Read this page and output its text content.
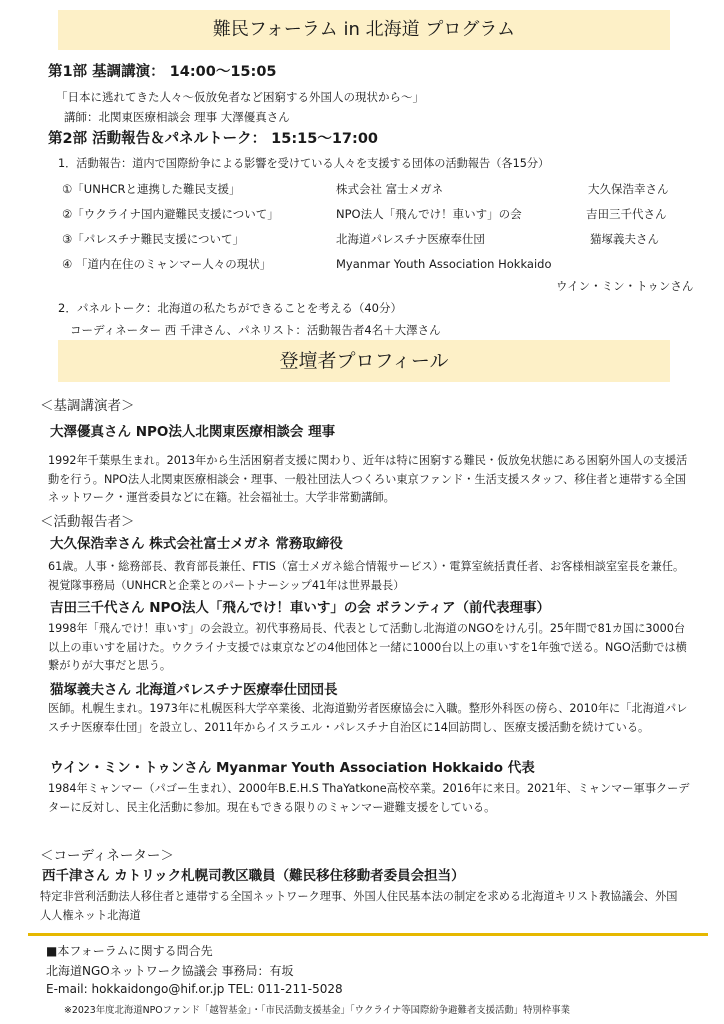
難民フォーラム in 北海道 プログラム
第1部 基調講演： 14:00〜15:05
「日本に逃れてきた人々〜仮放免者など困窮する外国人の現状から〜」
講師：北関東医療相談会 理事 大澤優真さん
第2部 活動報告＆パネルトーク： 15:15〜17:00
1．活動報告：道内で国際紛争による影響を受けている人々を支援する団体の活動報告（各15分）
①「UNHCRと連携した難民支援」	株式会社 富士メガネ	大久保浩幸さん
②「ウクライナ国内避難民支援について」	NPO法人「飛んでけ！車いす」の会	吉田三千代さん
③「パレスチナ難民支援について」	北海道パレスチナ医療奉仕団	猫塚義夫さん
④ 「道内在住のミャンマー人々の現状」	Myanmar Youth Association Hokkaido
ウイン・ミン・トゥンさん
2．パネルトーク：北海道の私たちができることを考える（40分）
コーディネーター 西 千津さん、パネリスト：活動報告者4名＋大澤さん
登壇者プロフィール
＜基調講演者＞
大澤優真さん NPO法人北関東医療相談会 理事
1992年千葉県生まれ。2013年から生活困窮者支援に関わり、近年は特に困窮する難民・仮放免状態にある困窮外国人の支援活動を行う。NPO法人北関東医療相談会・理事、一般社団法人つくろい東京ファンド・生活支援スタッフ、移住者と連帯する全国ネットワーク・運営委員などに在籍。社会福祉士。大学非常勤講師。
＜活動報告者＞
大久保浩幸さん 株式会社富士メガネ 常務取締役
61歳。人事・総務部長、教育部長兼任、FTIS（富士メガネ総合情報サービス）・電算室統括責任者、お客様相談室室長を兼任。視覚隊事務局（UNHCRと企業とのパートナーシップ41年は世界最長）
吉田三千代さん NPO法人「飛んでけ！車いす」の会 ボランティア（前代表理事）
1998年「飛んでけ！車いす」の会設立。初代事務局長、代表として活動し北海道のNGOをけん引。25年間で81カ国に3000台以上の車いすを届けた。ウクライナ支援では東京などの4他団体と一緒に1000台以上の車いすを1年強で送る。NGO活動では横繋がりが大事だと思う。
猫塚義夫さん 北海道パレスチナ医療奉仕団団長
医師。札幌生まれ。1973年に札幌医科大学卒業後、北海道勤労者医療協会に入職。整形外科医の傍ら、2010年に「北海道パレスチナ医療奉仕団」を設立し、2011年からイスラエル・パレスチナ自治区に14回訪問し、医療支援活動を続けている。
ウイン・ミン・トゥンさん Myanmar Youth Association Hokkaido 代表
1984年ミャンマー（パゴー生まれ）、2000年B.E.H.S ThaYatkone高校卒業。2016年に来日。2021年、ミャンマー軍事クーデターに反対し、民主化活動に参加。現在もできる限りのミャンマー避難支援をしている。
＜コーディネーター＞
西千津さん カトリック札幌司教区職員（難民移住移動者委員会担当）
特定非営利活動法人移住者と連帯する全国ネットワーク理事、外国人住民基本法の制定を求める北海道キリスト教協議会、外国人人権ネット北海道
■本フォーラムに関する問合先
北海道NGOネットワーク協議会 事務局：有坂
E-mail: hokkaidongo@hif.or.jp TEL: 011-211-5028
※2023年度北海道NPOファンド「越智基金」・「市民活動支援基金」「ウクライナ等国際紛争避難者支援活動」特別枠事業
